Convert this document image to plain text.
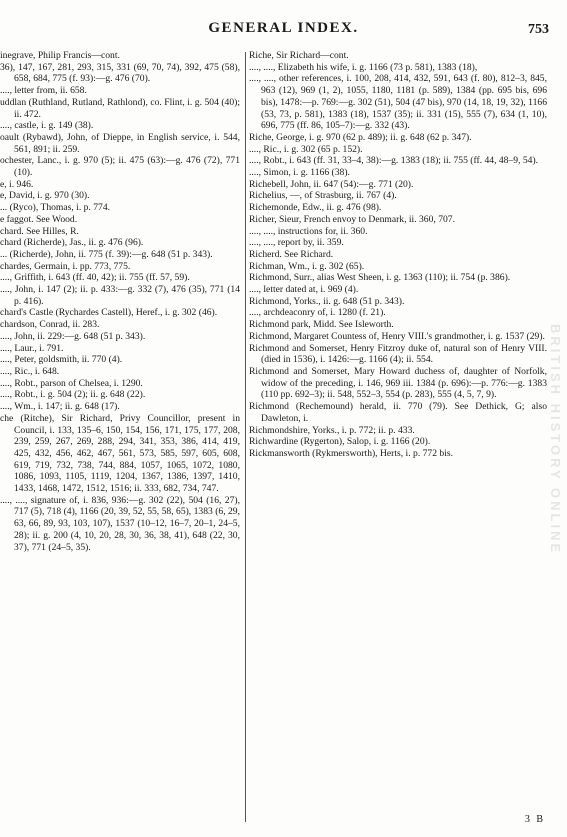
GENERAL INDEX.	753

inegrave, Philip Francis—cont.

36), 147, 167, 281, 293, 315, 331 (69, 70, 74), 392, 475 (58), 658, 684, 775 (f. 93):—g. 476 (70).

...., letter from, ii. 658.

uddlan (Ruthland, Rutland, Rathlond), co. Flint, i. g. 504 (40); ii. 472.

...., castle, i. g. 149 (38).

oault (Rybawd), John, of Dieppe, in English service, i. 544, 561, 891; ii. 259.

ochester, Lanc., i. g. 970 (5); ii. 475 (63):—g. 476 (72), 771 (10).

e, i. 946.

e, David, i. g. 970 (30).

... (Ryco), Thomas, i. p. 774.

e faggot. See Wood.

chard. See Hilles, R.

chard (Richerde), Jas., ii. g. 476 (96).

... (Richerde), John, ii. 775 (f. 39):—g. 648 (51 p. 343).

chardes, Germain, i. pp. 773, 775.

...., Griffith, i. 643 (ff. 40, 42); ii. 755 (ff. 57, 59).

...., John, i. 147 (2); ii. p. 433:—g. 332 (7), 476 (35), 771 (14 p. 416).

chard's Castle (Rychardes Castell), Heref., i. g. 302 (46).

chardson, Conrad, ii. 283.

...., John, ii. 229:—g. 648 (51 p. 343).

...., Laur., i. 791.

...., Peter, goldsmith, ii. 770 (4).

...., Ric., i. 648.

...., Robt., parson of Chelsea, i. 1290.

...., Robt., i. g. 504 (2); ii. g. 648 (22).

...., Wm., i. 147; ii. g. 648 (17).

che (Ritche), Sir Richard, Privy Councillor, present in Council, i. 133, 135–6, 150, 154, 156, 171, 175, 177, 208, 239, 259, 267, 269, 288, 294, 341, 353, 386, 414, 419, 425, 432, 456, 462, 467, 561, 573, 585, 597, 605, 608, 619, 719, 732, 738, 744, 884, 1057, 1065, 1072, 1080, 1086, 1093, 1105, 1119, 1204, 1367, 1386, 1397, 1410, 1433, 1468, 1472, 1512, 1516; ii. 333, 682, 734, 747.

...., ...., signature of, i. 836, 936:—g. 302 (22), 504 (16, 27), 717 (5), 718 (4), 1166 (20, 39, 52, 55, 58, 65), 1383 (6, 29, 63, 66, 89, 93, 103, 107), 1537 (10–12, 16–7, 20–1, 24–5, 28); ii. g. 200 (4, 10, 20, 28, 30, 36, 38, 41), 648 (22, 30, 37), 771 (24–5, 35).

Riche, Sir Richard—cont.

...., ...., Elizabeth his wife, i. g. 1166 (73 p. 581), 1383 (18),

...., ...., other references, i. 100, 208, 414, 432, 591, 643 (f. 80), 812–3, 845, 963 (12), 969 (1, 2), 1055, 1180, 1181 (p. 589), 1384 (pp. 695 bis, 696 bis), 1478:—p. 769:—g. 302 (51), 504 (47 bis), 970 (14, 18, 19, 32), 1166 (53, 73, p. 581), 1383 (18), 1537 (35); ii. 331 (15), 555 (7), 634 (1, 10), 696, 775 (ff. 86, 105–7):—g. 332 (43).

Riche, George, i. g. 970 (62 p. 489); ii. g. 648 (62 p. 347).

...., Ric., i. g. 302 (65 p. 152).

...., Robt., i. 643 (ff. 31, 33–4, 38):—g. 1383 (18); ii. 755 (ff. 44, 48–9, 54).

...., Simon, i. g. 1166 (38).

Richebell, John, ii. 647 (54):—g. 771 (20).

Richelius, —, of Strasburg, ii. 767 (4).

Richemonde, Edw., ii. g. 476 (98).

Richer, Sieur, French envoy to Denmark, ii. 360, 707.

...., ...., instructions for, ii. 360.

...., ...., report by, ii. 359.

Richerd. See Richard.

Richman, Wm., i. g. 302 (65).

Richmond, Surr., alias West Sheen, i. g. 1363 (110); ii. 754 (p. 386).

...., letter dated at, i. 969 (4).

Richmond, Yorks., ii. g. 648 (51 p. 343).

...., archdeaconry of, i. 1280 (f. 21).

Richmond park, Midd. See Isleworth.

Richmond, Margaret Countess of, Henry VIII.'s grandmother, i. g. 1537 (29).

Richmond and Somerset, Henry Fitzroy duke of, natural son of Henry VIII. (died in 1536), i. 1426:—g. 1166 (4); ii. 554.

Richmond and Somerset, Mary Howard duchess of, daughter of Norfolk, widow of the preceding, i. 146, 969 iii. 1384 (p. 696):—p. 776:—g. 1383 (110 pp. 692–3); ii. 548, 552–3, 554 (p. 283), 555 (4, 5, 7, 9).

Richmond (Rechemound) herald, ii. 770 (79). See Dethick, G; also Dawleton, i.

Richmondshire, Yorks., i. p. 772; ii. p. 433.

Richwardine (Rygerton), Salop, i. g. 1166 (20).

Rickmansworth (Rykmersworth), Herts, i. p. 772 bis.	BRITISH HISTORY ONLINE
3 B
